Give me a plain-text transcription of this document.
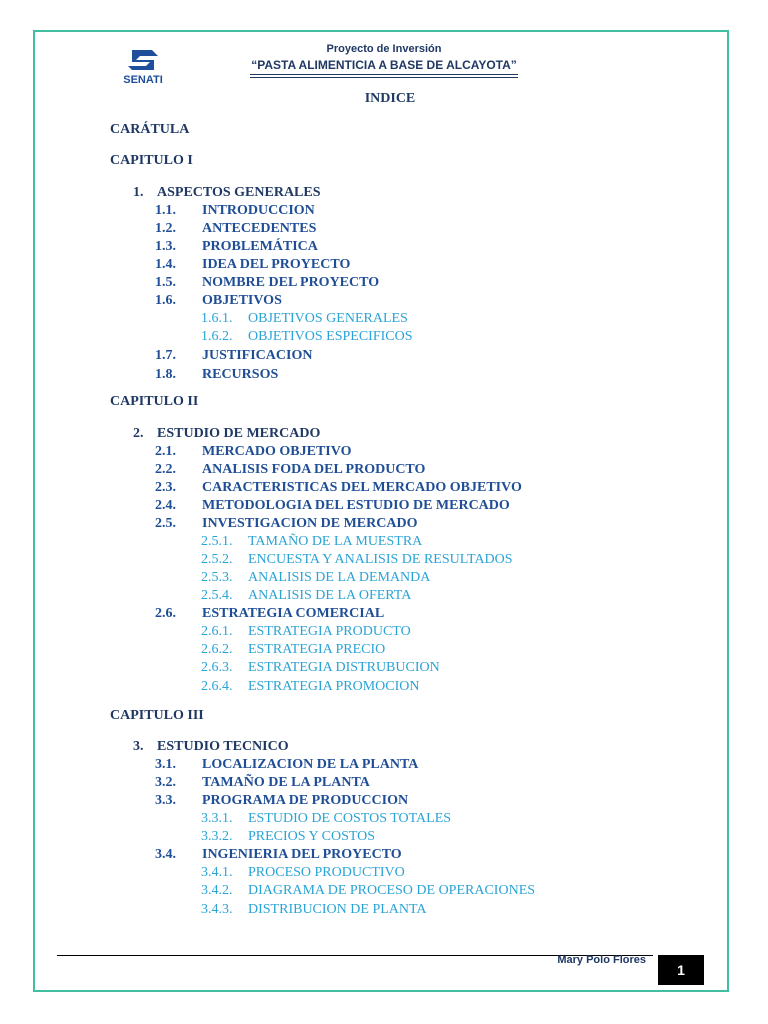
SENATI
Proyecto de Inversión
“PASTA ALIMENTICIA A BASE DE ALCAYOTA”
INDICE
CARÁTULA
CAPITULO I
1. ASPECTOS GENERALES
1.1. INTRODUCCION
1.2. ANTECEDENTES
1.3. PROBLEMÁTICA
1.4. IDEA DEL PROYECTO
1.5. NOMBRE DEL PROYECTO
1.6. OBJETIVOS
1.6.1. OBJETIVOS GENERALES
1.6.2. OBJETIVOS ESPECIFICOS
1.7. JUSTIFICACION
1.8. RECURSOS
CAPITULO II
2. ESTUDIO DE MERCADO
2.1. MERCADO OBJETIVO
2.2. ANALISIS FODA DEL PRODUCTO
2.3. CARACTERISTICAS DEL MERCADO OBJETIVO
2.4. METODOLOGIA DEL ESTUDIO DE MERCADO
2.5. INVESTIGACION DE MERCADO
2.5.1. TAMAÑO DE LA MUESTRA
2.5.2. ENCUESTA Y ANALISIS DE RESULTADOS
2.5.3. ANALISIS DE LA DEMANDA
2.5.4. ANALISIS DE LA OFERTA
2.6. ESTRATEGIA COMERCIAL
2.6.1. ESTRATEGIA PRODUCTO
2.6.2. ESTRATEGIA PRECIO
2.6.3. ESTRATEGIA DISTRUBUCION
2.6.4. ESTRATEGIA PROMOCION
CAPITULO III
3. ESTUDIO TECNICO
3.1. LOCALIZACION DE LA PLANTA
3.2. TAMAÑO DE LA PLANTA
3.3. PROGRAMA DE PRODUCCION
3.3.1. ESTUDIO DE COSTOS TOTALES
3.3.2. PRECIOS Y COSTOS
3.4. INGENIERIA DEL PROYECTO
3.4.1. PROCESO PRODUCTIVO
3.4.2. DIAGRAMA DE PROCESO DE OPERACIONES
3.4.3. DISTRIBUCION DE PLANTA
Mary Polo Flores
1
